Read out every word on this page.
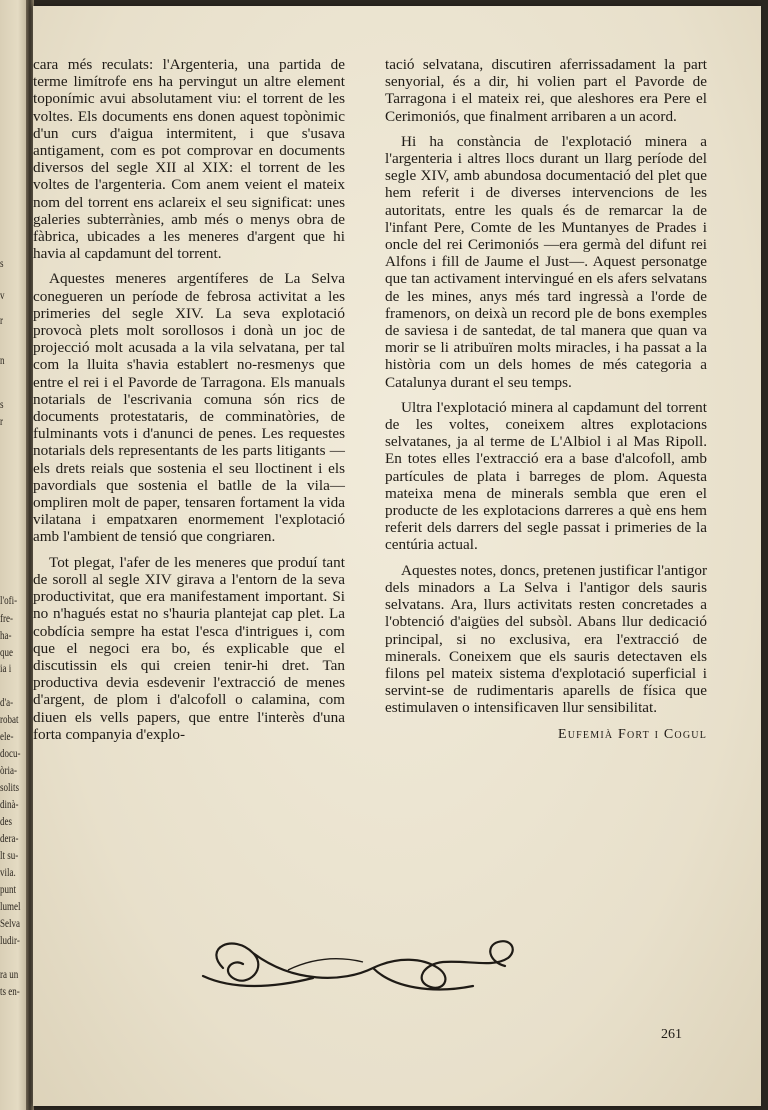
s
v
r
n
s
r
l'ofi-
fre-
ha-
que
ia i
d'a-
robat
ele-
docu-
òria-
solits
dinà-
des
dera-
lt su-
vila.
punt
lumel
Selva
ludir-
ra un
ts en-

cara més reculats: l'Argenteria, una partida de terme limítrofe ens ha pervingut un altre element toponímic avui absolutament viu: el torrent de les voltes. Els documents ens donen aquest topònimic d'un curs d'aigua intermitent, i que s'usava antigament, com es pot comprovar en documents diversos del segle XII al XIX: el torrent de les voltes de l'argenteria. Com anem veient el mateix nom del torrent ens aclareix el seu significat: unes galeries subterrànies, amb més o menys obra de fàbrica, ubicades a les meneres d'argent que hi havia al capdamunt del torrent.

Aquestes meneres argentíferes de La Selva conegueren un període de febrosa activitat a les primeries del segle XIV. La seva explotació provocà plets molt sorollosos i donà un joc de projecció molt acusada a la vila selvatana, per tal com la lluita s'havia establert no-resmenys que entre el rei i el Pavorde de Tarragona. Els manuals notarials de l'escrivania comuna són rics de documents protestataris, de comminatòries, de fulminants vots i d'anunci de penes. Les requestes notarials dels representants de les parts litigants —els drets reials que sostenia el seu lloctinent i els pavordials que sostenia el batlle de la vila— ompliren molt de paper, tensaren fortament la vida vilatana i empatxaren enormement l'explotació amb l'ambient de tensió que congriaren.

Tot plegat, l'afer de les meneres que produí tant de soroll al segle XIV girava a l'entorn de la seva productivitat, que era manifestament important. Si no n'hagués estat no s'hauria plantejat cap plet. La cobdícia sempre ha estat l'esca d'intrigues i, com que el negoci era bo, és explicable que el discutissin els qui creien tenir-hi dret. Tan productiva devia esdevenir l'extracció de menes d'argent, de plom i d'alcofoll o calamina, com diuen els vells papers, que entre l'interès d'una forta companyia d'explo-

tació selvatana, discutiren aferrissadament la part senyorial, és a dir, hi volien part el Pavorde de Tarragona i el mateix rei, que aleshores era Pere el Cerimoniós, que finalment arribaren a un acord.

Hi ha constància de l'explotació minera a l'argenteria i altres llocs durant un llarg període del segle XIV, amb abundosa documentació del plet que hem referit i de diverses intervencions de les autoritats, entre les quals és de remarcar la de l'infant Pere, Comte de les Muntanyes de Prades i oncle del rei Cerimoniós —era germà del difunt rei Alfons i fill de Jaume el Just—. Aquest personatge que tan activament intervingué en els afers selvatans de les mines, anys més tard ingressà a l'orde de framenors, on deixà un record ple de bons exemples de saviesa i de santedat, de tal manera que quan va morir se li atribuïren molts miracles, i ha passat a la història com un dels homes de més categoria a Catalunya durant el seu temps.

Ultra l'explotació minera al capdamunt del torrent de les voltes, coneixem altres explotacions selvatanes, ja al terme de L'Albiol i al Mas Ripoll. En totes elles l'extracció era a base d'alcofoll, amb partícules de plata i barreges de plom. Aquesta mateixa mena de minerals sembla que eren el producte de les explotacions darreres a què ens hem referit dels darrers del segle passat i primeries de la centúria actual.

Aquestes notes, doncs, pretenen justificar l'antigor dels minadors a La Selva i l'antigor dels sauris selvatans. Ara, llurs activitats resten concretades a l'obtenció d'aigües del subsòl. Abans llur dedicació principal, si no exclusiva, era l'extracció de minerals. Coneixem que els sauris detectaven els filons pel mateix sistema d'explotació superficial i servint-se de rudimentaris aparells de física que estimulaven o intensificaven llur sensibilitat.

Eufemià Fort i Cogul
261
